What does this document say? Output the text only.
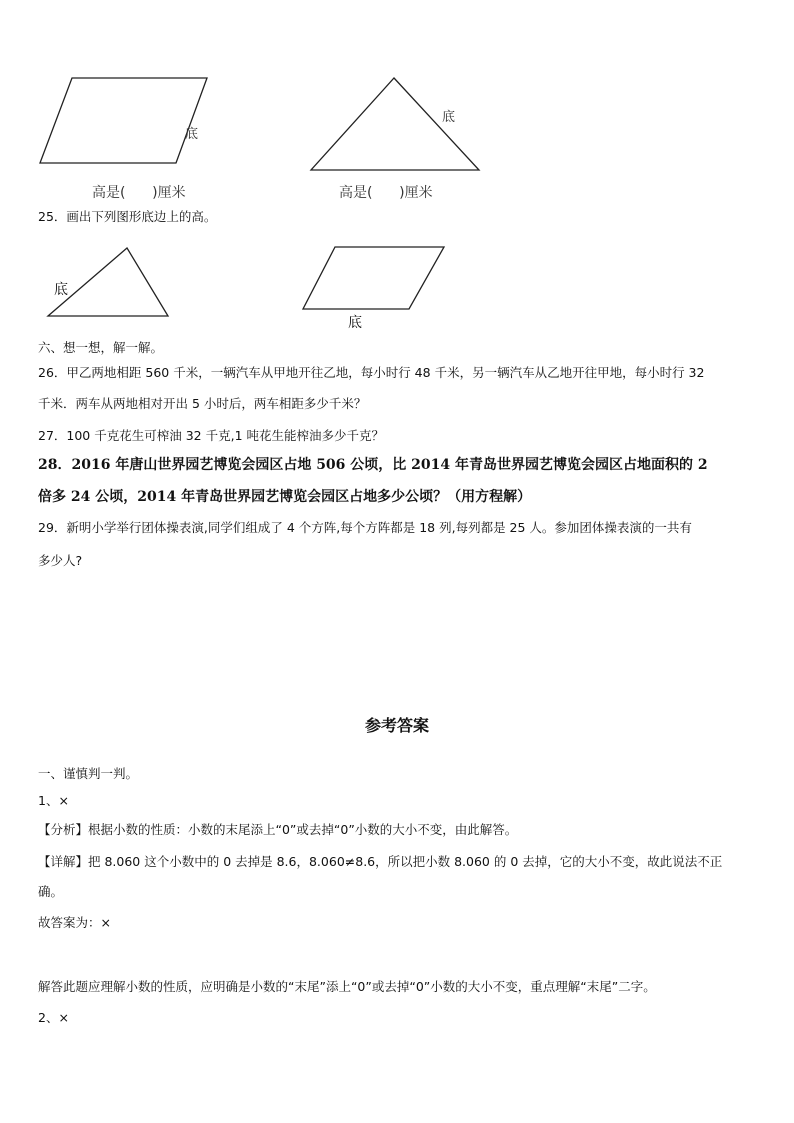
底
高是(      )厘米
底
高是(      )厘米
25．画出下列图形底边上的高。
底
底
六、想一想，解一解。
26．甲乙两地相距 560 千米，一辆汽车从甲地开往乙地，每小时行 48 千米，另一辆汽车从乙地开往甲地，每小时行 32
千米．两车从两地相对开出 5 小时后，两车相距多少千米？
27．100 千克花生可榨油 32 千克,1 吨花生能榨油多少千克？
28．2016 年唐山世界园艺博览会园区占地 506 公顷，比 2014 年青岛世界园艺博览会园区占地面积的 2
倍多 24 公顷，2014 年青岛世界园艺博览会园区占地多少公顷？（用方程解）
29．新明小学举行团体操表演,同学们组成了 4 个方阵,每个方阵都是 18 列,每列都是 25 人。参加团体操表演的一共有
多少人?
参考答案
一、谨慎判一判。
1、×
【分析】根据小数的性质：小数的末尾添上“0”或去掉“0”小数的大小不变，由此解答。
【详解】把 8.060 这个小数中的 0 去掉是 8.6，8.060≠8.6，所以把小数 8.060 的 0 去掉，它的大小不变，故此说法不正
确。
故答案为：×
解答此题应理解小数的性质，应明确是小数的“末尾”添上“0”或去掉“0”小数的大小不变，重点理解“末尾”二字。
2、×
